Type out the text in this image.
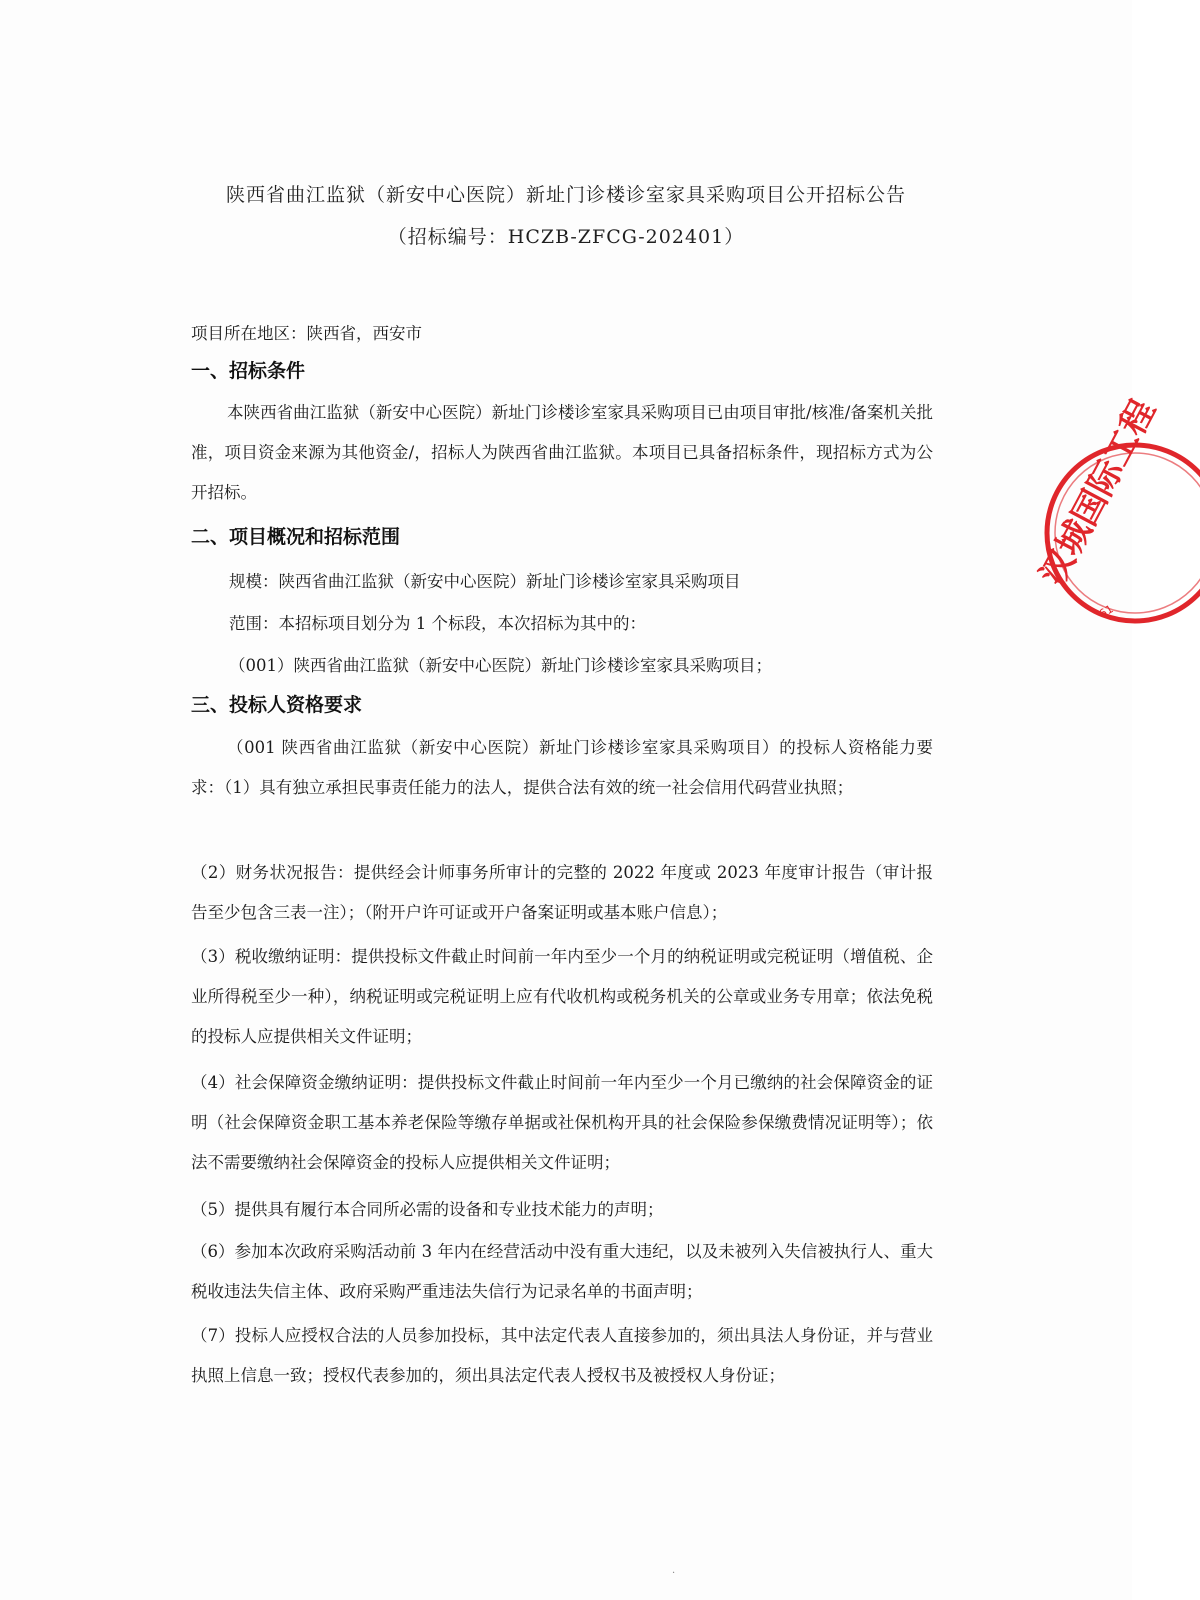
陕西省曲江监狱（新安中心医院）新址门诊楼诊室家具采购项目公开招标公告
（招标编号：HCZB-ZFCG-202401）
项目所在地区：陕西省，西安市
一、招标条件
本陕西省曲江监狱（新安中心医院）新址门诊楼诊室家具采购项目已由项目审批/核准/备案机关批准，项目资金来源为其他资金/，招标人为陕西省曲江监狱。本项目已具备招标条件，现招标方式为公开招标。
二、项目概况和招标范围
规模：陕西省曲江监狱（新安中心医院）新址门诊楼诊室家具采购项目
范围：本招标项目划分为 1 个标段，本次招标为其中的：
（001）陕西省曲江监狱（新安中心医院）新址门诊楼诊室家具采购项目；
三、投标人资格要求
（001 陕西省曲江监狱（新安中心医院）新址门诊楼诊室家具采购项目）的投标人资格能力要求：（1）具有独立承担民事责任能力的法人，提供合法有效的统一社会信用代码营业执照；
（2）财务状况报告：提供经会计师事务所审计的完整的 2022 年度或 2023 年度审计报告（审计报告至少包含三表一注）；（附开户许可证或开户备案证明或基本账户信息）；
（3）税收缴纳证明：提供投标文件截止时间前一年内至少一个月的纳税证明或完税证明（增值税、企业所得税至少一种），纳税证明或完税证明上应有代收机构或税务机关的公章或业务专用章；依法免税的投标人应提供相关文件证明；
（4）社会保障资金缴纳证明：提供投标文件截止时间前一年内至少一个月已缴纳的社会保障资金的证明（社会保障资金职工基本养老保险等缴存单据或社保机构开具的社会保险参保缴费情况证明等）；依法不需要缴纳社会保障资金的投标人应提供相关文件证明；
（5）提供具有履行本合同所必需的设备和专业技术能力的声明；
（6）参加本次政府采购活动前 3 年内在经营活动中没有重大违纪，以及未被列入失信被执行人、重大税收违法失信主体、政府采购严重违法失信行为记录名单的书面声明；
（7）投标人应授权合法的人员参加投标，其中法定代表人直接参加的，须出具法人身份证，并与营业执照上信息一致；授权代表参加的，须出具法定代表人授权书及被授权人身份证；
汉城国际工程
61
·
